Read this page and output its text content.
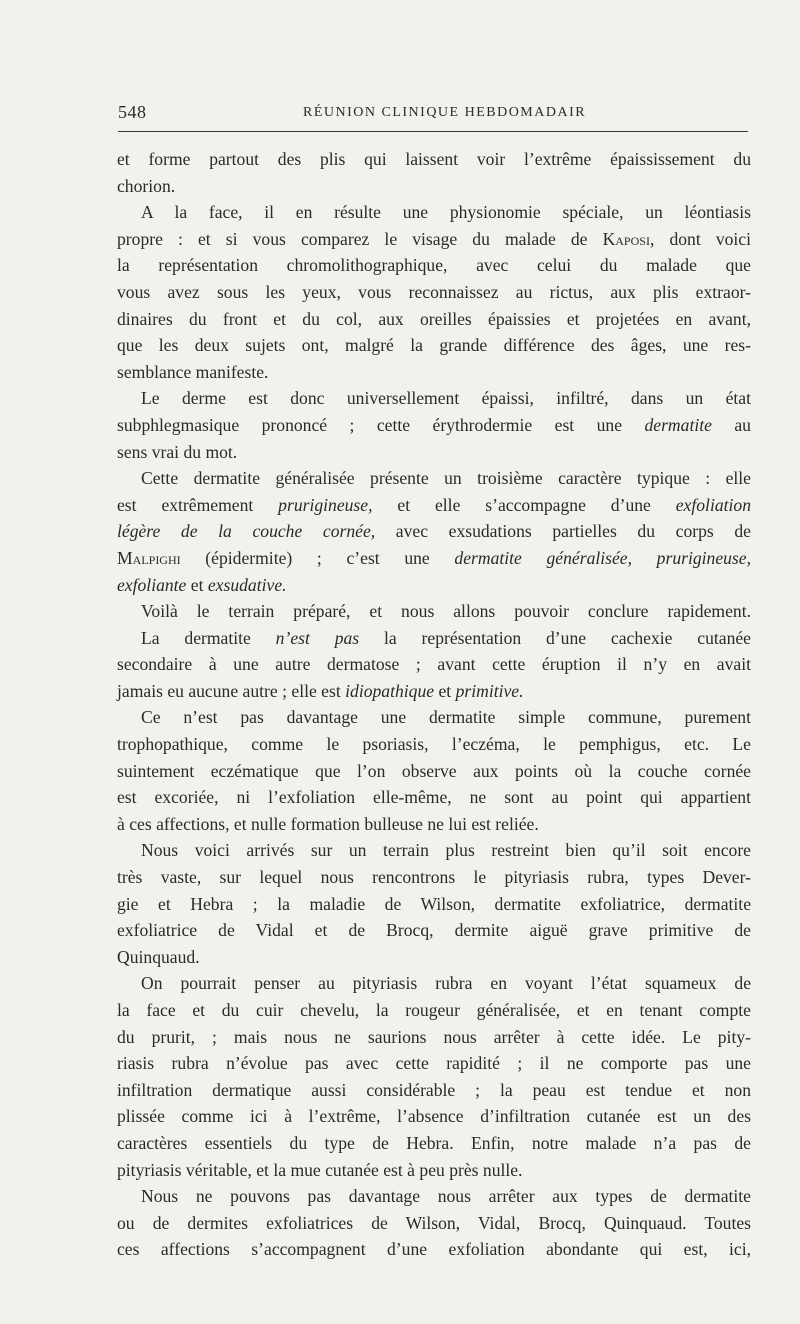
548	RÉUNION CLINIQUE HEBDOMADAIR
et forme partout des plis qui laissent voir l’extrême épaississement du
chorion.
A la face, il en résulte une physionomie spéciale, un léontiasis
propre : et si vous comparez le visage du malade de Kaposi, dont voici
la représentation chromolithographique, avec celui du malade que
vous avez sous les yeux, vous reconnaissez au rictus, aux plis extraor-
dinaires du front et du col, aux oreilles épaissies et projetées en avant,
que les deux sujets ont, malgré la grande différence des âges, une res-
semblance manifeste.
Le derme est donc universellement épaissi, infiltré, dans un état
subphlegmasique prononcé ; cette érythrodermie est une dermatite au
sens vrai du mot.
Cette dermatite généralisée présente un troisième caractère typique : elle
est extrêmement prurigineuse, et elle s’accompagne d’une exfoliation
légère de la couche cornée, avec exsudations partielles du corps de
Malpighi (épidermite) ; c’est une dermatite généralisée, prurigineuse,
exfoliante et exsudative.
Voilà le terrain préparé, et nous allons pouvoir conclure rapidement.
La dermatite n’est pas la représentation d’une cachexie cutanée
secondaire à une autre dermatose ; avant cette éruption il n’y en avait
jamais eu aucune autre ; elle est idiopathique et primitive.
Ce n’est pas davantage une dermatite simple commune, purement
trophopathique, comme le psoriasis, l’eczéma, le pemphigus, etc. Le
suintement eczématique que l’on observe aux points où la couche cornée
est excoriée, ni l’exfoliation elle-même, ne sont au point qui appartient
à ces affections, et nulle formation bulleuse ne lui est reliée.
Nous voici arrivés sur un terrain plus restreint bien qu’il soit encore
très vaste, sur lequel nous rencontrons le pityriasis rubra, types Dever-
gie et Hebra ; la maladie de Wilson, dermatite exfoliatrice, dermatite
exfoliatrice de Vidal et de Brocq, dermite aiguë grave primitive de
Quinquaud.
On pourrait penser au pityriasis rubra en voyant l’état squameux de
la face et du cuir chevelu, la rougeur généralisée, et en tenant compte
du prurit, ; mais nous ne saurions nous arrêter à cette idée. Le pity-
riasis rubra n’évolue pas avec cette rapidité ; il ne comporte pas une
infiltration dermatique aussi considérable ; la peau est tendue et non
plissée comme ici à l’extrême, l’absence d’infiltration cutanée est un des
caractères essentiels du type de Hebra. Enfin, notre malade n’a pas de
pityriasis véritable, et la mue cutanée est à peu près nulle.
Nous ne pouvons pas davantage nous arrêter aux types de dermatite
ou de dermites exfoliatrices de Wilson, Vidal, Brocq, Quinquaud. Toutes
ces affections s’accompagnent d’une exfoliation abondante qui est, ici,
